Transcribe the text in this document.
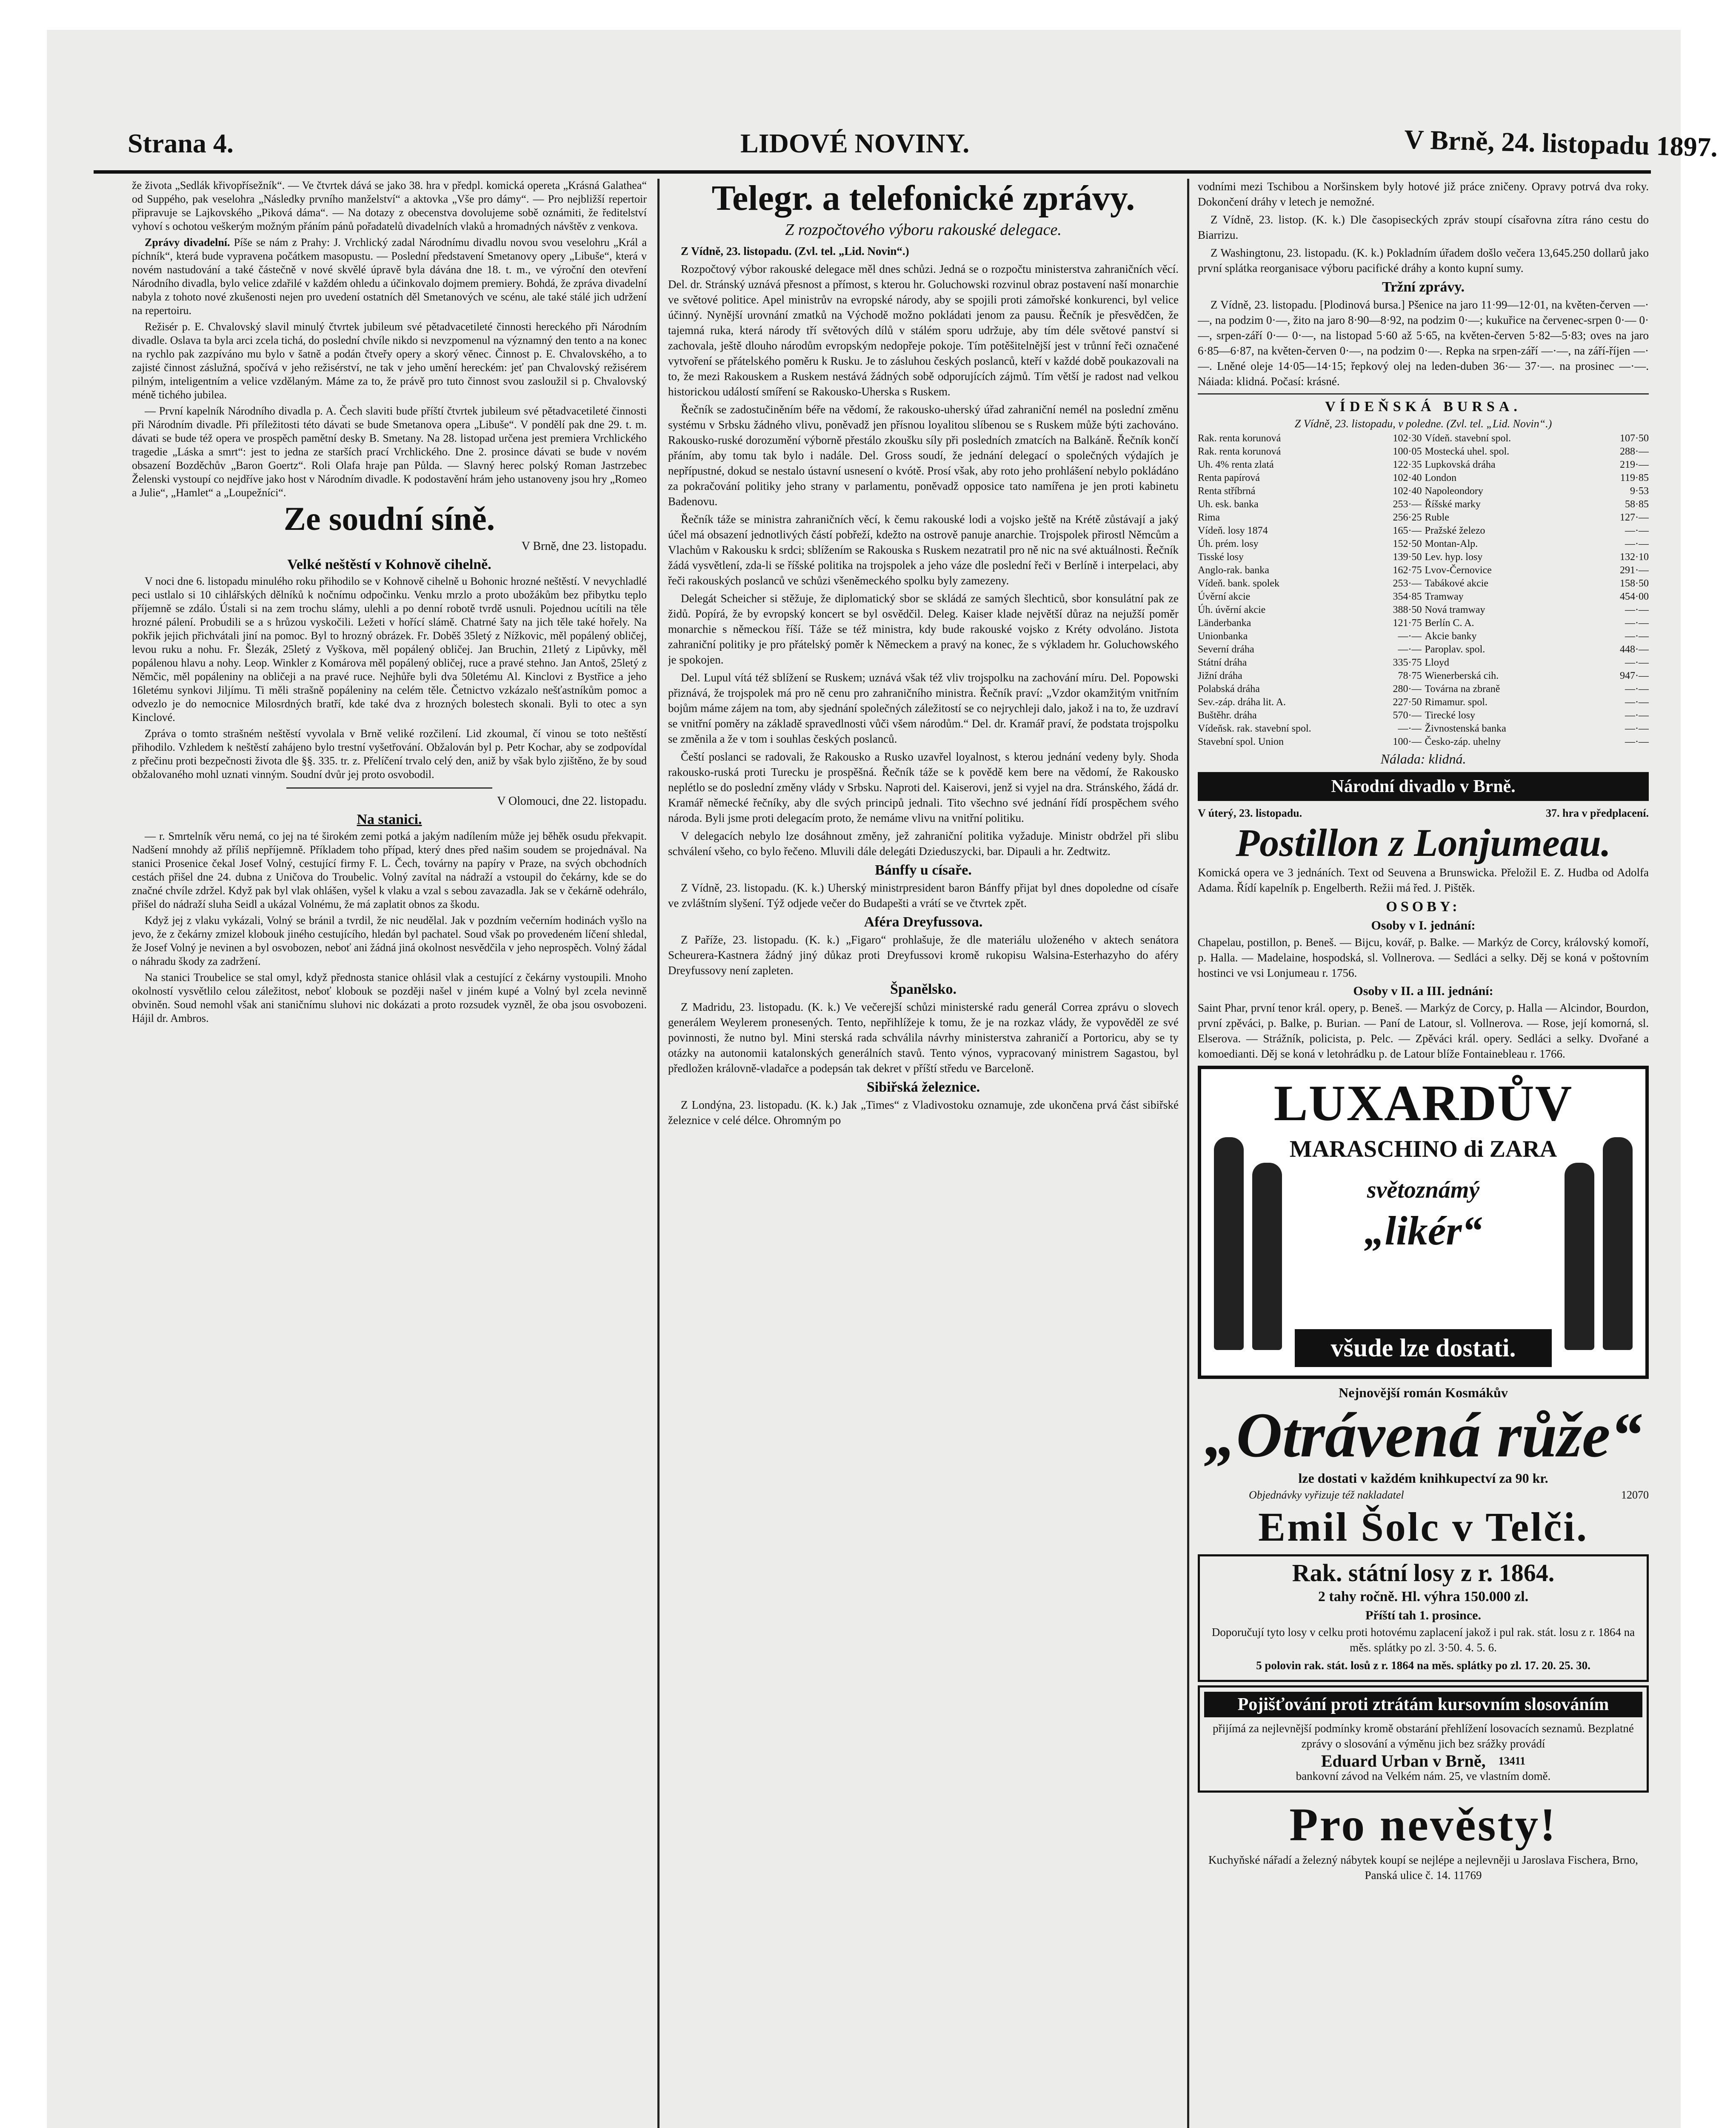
Strana 4.	LIDOVÉ NOVINY.	V Brně, 24. listopadu 1897.

že života „Sedlák křivopřísežník“. — Ve čtvrtek dává se jako 38. hra v předpl. komická opereta „Krásná Galathea“ od Suppého, pak veselohra „Následky prvního manželství“ a aktovka „Vše pro dámy“. — Pro nejbližší repertoir připravuje se Lajkovského „Piková dáma“. — Na dotazy z obecenstva dovolujeme sobě oznámiti, že ředitelství vyhoví s ochotou veškerým možným přáním pánů pořadatelů divadelních vlaků a hromadných návštěv z venkova.

Zprávy divadelní. Píše se nám z Prahy: J. Vrchlický zadal Národnímu divadlu novou svou veselohru „Král a píchník“, která bude vypravena počátkem masopustu. — Poslední představení Smetanovy opery „Libuše“, která v novém nastudování a také částečně v nové skvělé úpravě byla dávána dne 18. t. m., ve výroční den otevření Národního divadla, bylo velice zdařilé v každém ohledu a účinkovalo dojmem premiery. Bohdá, že zpráva divadelní nabyla z tohoto nové zkušenosti nejen pro uvedení ostatních děl Smetanových ve scénu, ale také stálé jich udržení na repertoiru.

Režisér p. E. Chvalovský slavil minulý čtvrtek jubileum své pětadvacetileté činnosti hereckého při Národním divadle. Oslava ta byla arci zcela tichá, do poslední chvíle nikdo si nevzpomenul na významný den tento a na konec na rychlo pak zazpíváno mu bylo v šatně a podán čtveřy opery a skorý věnec. Činnost p. E. Chvalovského, a to zajisté činnost záslužná, spočívá v jeho režisérství, ne tak v jeho umění hereckém: jeť pan Chvalovský režisérem pilným, inteligentním a velice vzdělaným. Máme za to, že právě pro tuto činnost svou zasloužil si p. Chvalovský méně tichého jubilea.

— První kapelník Národního divadla p. A. Čech slaviti bude příští čtvrtek jubileum své pětadvacetileté činnosti při Národním divadle. Při příležitosti této dávati se bude Smetanova opera „Libuše“. V pondělí pak dne 29. t. m. dávati se bude též opera ve prospěch pamětní desky B. Smetany. Na 28. listopad určena jest premiera Vrchlického tragedie „Láska a smrt“: jest to jedna ze starších prací Vrchlického. Dne 2. prosince dávati se bude v novém obsazení Bozděchův „Baron Goertz“. Roli Olafa hraje pan Půlda. — Slavný herec polský Roman Jastrzebec Želenski vystoupí co nejdříve jako host v Národním divadle. K podostavění hrám jeho ustanoveny jsou hry „Romeo a Julie“, „Hamlet“ a „Loupežníci“.

Ze soudní síně.
V Brně, dne 23. listopadu.
Velké neštěstí v Kohnově cihelně.

V noci dne 6. listopadu minulého roku přihodilo se v Kohnově cihelně u Bohonic hrozné neštěstí. V nevychladlé peci ustlalo si 10 cihlářských dělníků k nočnímu odpočinku. Venku mrzlo a proto ubožákům bez přibytku teplo příjemně se zdálo. Ústali si na zem trochu slámy, ulehli a po denní robotě tvrdě usnuli. Pojednou ucítili na těle hrozné pálení. Probudili se a s hrůzou vyskočili. Ležeti v hořící slámě. Chatrné šaty na jich těle také hořely. Na pokřik jejich přichvátali jiní na pomoc. Byl to hrozný obrázek. Fr. Doběš 35letý z Nížkovic, měl popálený obličej, levou ruku a nohu. Fr. Šlezák, 25letý z Vyškova, měl popálený obličej. Jan Bruchin, 21letý z Lipůvky, měl popálenou hlavu a nohy. Leop. Winkler z Komárova měl popálený obličej, ruce a pravé stehno. Jan Antoš, 25letý z Němčic, měl popáleniny na obličeji a na pravé ruce. Nejhůře byli dva 50letému Al. Kinclovi z Bystřice a jeho 16letému synkovi Jiljímu. Ti měli strašně popáleniny na celém těle. Četnictvo vzkázalo nešťastníkům pomoc a odvezlo je do nemocnice Milosrdných bratří, kde také dva z hrozných bolestech skonali. Byli to otec a syn Kinclové.

Zpráva o tomto strašném neštěstí vyvolala v Brně veliké rozčilení. Lid zkoumal, čí vinou se toto neštěstí přihodilo. Vzhledem k neštěstí zahájeno bylo trestní vyšetřování. Obžalován byl p. Petr Kochar, aby se zodpovídal z přečinu proti bezpečnosti života dle §§. 335. tr. z. Přelíčení trvalo celý den, aniž by však bylo zjištěno, že by soud obžalovaného mohl uznati vinným. Soudní dvůr jej proto osvobodil.

V Olomouci, dne 22. listopadu.
Na stanici.

— r. Smrtelník věru nemá, co jej na té širokém zemi potká a jakým nadílením může jej běhěk osudu překvapit. Nadšení mnohdy až příliš nepříjemně. Příkladem toho případ, který dnes před našim soudem se projednával. Na stanici Prosenice čekal Josef Volný, cestující firmy F. L. Čech, továrny na papíry v Praze, na svých obchodních cestách přišel dne 24. dubna z Uničova do Troubelic. Volný zavítal na nádraží a vstoupil do čekárny, kde se do značné chvíle zdržel. Když pak byl vlak ohlášen, vyšel k vlaku a vzal s sebou zavazadla. Jak se v čekárně odehrálo, přišel do nádraží sluha Seidl a ukázal Volnému, že má zaplatit obnos za škodu.

Když jej z vlaku vykázali, Volný se bránil a tvrdil, že nic neudělal. Jak v pozdním večerním hodinách vyšlo na jevo, že z čekárny zmizel klobouk jiného cestujícího, hledán byl pachatel. Soud však po provedeném líčení shledal, že Josef Volný je nevinen a byl osvobozen, neboť ani žádná jiná okolnost nesvědčila v jeho neprospěch. Volný žádal o náhradu škody za zadržení.

Na stanici Troubelice se stal omyl, když přednosta stanice ohlásil vlak a cestující z čekárny vystoupili. Mnoho okolností vysvětlilo celou záležitost, neboť klobouk se později našel v jiném kupé a Volný byl zcela nevinně obviněn. Soud nemohl však ani staničnímu sluhovi nic dokázati a proto rozsudek vyzněl, že oba jsou osvobozeni. Hájil dr. Ambros.

Telegr. a telefonické zprávy.
Z rozpočtového výboru rakouské delegace.

Z Vídně, 23. listopadu. (Zvl. tel. „Lid. Novin“.)

Rozpočtový výbor rakouské delegace měl dnes schůzi. Jedná se o rozpočtu ministerstva zahraničních věcí. Del. dr. Stránský uznává přesnost a přímost, s kterou hr. Goluchowski rozvinul obraz postavení naší monarchie ve světové politice. Apel ministrův na evropské národy, aby se spojili proti zámořské konkurenci, byl velice účinný. Nynější urovnání zmatků na Východě možno pokládati jenom za pausu. Řečník je přesvědčen, že tajemná ruka, která národy tří světových dílů v stálém sporu udržuje, aby tím déle světové panství si zachovala, ještě dlouho národům evropským nedopřeje pokoje. Tím potěšitelnější jest v trůnní řeči označené vytvoření se přátelského poměru k Rusku. Je to zásluhou českých poslanců, kteří v každé době poukazovali na to, že mezi Rakouskem a Ruskem nestává žádných sobě odporujících zájmů. Tím větší je radost nad velkou historickou událostí smíření se Rakousko-Uherska s Ruskem.

Řečník se zadostučiněním béře na vědomí, že rakousko-uherský úřad zahraniční nemél na poslední změnu systému v Srbsku žádného vlivu, poněvadž jen přísnou loyalitou slíbenou se s Ruskem může býti zachováno. Rakousko-ruské dorozumění výborně přestálo zkoušku síly při posledních zmatcích na Balkáně. Řečník končí přáním, aby tomu tak bylo i nadále. Del. Gross soudí, že jednání delegací o společných výdajích je nepřípustné, dokud se nestalo ústavní usnesení o kvótě. Prosí však, aby roto jeho prohlášení nebylo pokládáno za pokračování politiky jeho strany v parlamentu, poněvadž opposice tato namířena je jen proti kabinetu Badenovu.

Řečník táže se ministra zahraničních věcí, k čemu rakouské lodi a vojsko ještě na Krétě zůstávají a jaký účel má obsazení jednotlivých částí pobřeží, kdežto na ostrově panuje anarchie. Trojspolek přirostl Němcům a Vlachům v Rakousku k srdci; sblížením se Rakouska s Ruskem nezatratil pro ně nic na své aktuálnosti. Řečník žádá vysvětlení, zda-li se říšské politika na trojspolek a jeho váze dle poslední řeči v Berlíně i interpelaci, aby řeči rakouských poslanců ve schůzi všeněmeckého spolku byly zamezeny.

Delegát Scheicher si stěžuje, že diplomatický sbor se skládá ze samých šlechticů, sbor konsulátní pak ze židů. Popírá, že by evropský koncert se byl osvědčil. Deleg. Kaiser klade největší důraz na nejužší poměr monarchie s německou říší. Táže se též ministra, kdy bude rakouské vojsko z Kréty odvoláno. Jistota zahraniční politiky je pro přátelský poměr k Německem a pravý na konec, že s výkladem hr. Goluchowského je spokojen.

Del. Lupul vítá též sblížení se Ruskem; uznává však též vliv trojspolku na zachování míru. Del. Popowski přiznává, že trojspolek má pro ně cenu pro zahraničního ministra. Řečník praví: „Vzdor okamžitým vnitřním bojům máme zájem na tom, aby sjednání společných záležitostí se co nejrychleji dalo, jakož i na to, že uzdraví se vnitřní poměry na základě spravedlnosti vůči všem národům.“ Del. dr. Kramář praví, že podstata trojspolku se změnila a že v tom i souhlas českých poslanců.

Čeští poslanci se radovali, že Rakousko a Rusko uzavřel loyalnost, s kterou jednání vedeny byly. Shoda rakousko-ruská proti Turecku je prospěšná. Řečník táže se k povědě kem bere na vědomí, že Rakousko neplétlo se do poslední změny vlády v Srbsku. Naproti del. Kaiserovi, jenž si vyjel na dra. Stránského, žádá dr. Kramář německé řečníky, aby dle svých principů jednali. Tito všechno své jednání řídí prospěchem svého národa. Byli jsme proti delegacím proto, že nemáme vlivu na vnitřní politiku.

V delegacích nebylo lze dosáhnout změny, jež zahraniční politika vyžaduje. Ministr obdržel při slibu schválení všeho, co bylo řečeno. Mluvili dále delegáti Dzieduszycki, bar. Dipauli a hr. Zedtwitz.

Bánffy u císaře.

Z Vídně, 23. listopadu. (K. k.) Uherský ministrpresident baron Bánffy přijat byl dnes dopoledne od císaře ve zvláštním slyšení. Týž odjede večer do Budapešti a vrátí se ve čtvrtek zpět.

Aféra Dreyfussova.

Z Paříže, 23. listopadu. (K. k.) „Figaro“ prohlašuje, že dle materiálu uloženého v aktech senátora Scheurera-Kastnera žádný jiný důkaz proti Dreyfussovi kromě rukopisu Walsina-Esterhazyho do aféry Dreyfussovy není zapleten.

Španělsko.

Z Madridu, 23. listopadu. (K. k.) Ve večerejší schůzi ministerské radu generál Correa zprávu o slovech generálem Weylerem pronesených. Tento, nepřihlížeje k tomu, že je na rozkaz vlády, že vypověděl ze své povinnosti, že nutno byl. Mini sterská rada schválila návrhy ministerstva zahraničí a Portoricu, aby se ty otázky na autonomii katalonských generálních stavů. Tento výnos, vypracovaný ministrem Sagastou, byl předložen královně-vladařce a podepsán tak dekret v příští středu ve Barceloně.

Sibiřská železnice.

Z Londýna, 23. listopadu. (K. k.) Jak „Times“ z Vladivostoku oznamuje, zde ukončena prvá část sibiřské železnice v celé délce. Ohromným po

vodními mezi Tschibou a Noršinskem byly hotové již práce zničeny. Opravy potrvá dva roky. Dokončení dráhy v letech je nemožné.

Z Vídně, 23. listop. (K. k.) Dle časopiseckých zpráv stoupí císařovna zítra ráno cestu do Biarrizu.

Z Washingtonu, 23. listopadu. (K. k.) Pokladním úřadem došlo večera 13,645.250 dollarů jako první splátka reorganisace výboru pacifické dráhy a konto kupní sumy.

Tržní zprávy.

Z Vídně, 23. listopadu. [Plodinová bursa.] Pšenice na jaro 11·99—12·01, na květen-červen —·—, na podzim 0·—, žito na jaro 8·90—8·92, na podzim 0·—; kukuřice na červenec-srpen 0·— 0·—, srpen-září 0·— 0·—, na listopad 5·60 až 5·65, na květen-červen 5·82—5·83; oves na jaro 6·85—6·87, na květen-červen 0·—, na podzim 0·—. Repka na srpen-září —·—, na září-říjen —·—. Lněné oleje 14·05—14·15; řepkový olej na leden-duben 36·— 37·—. na prosinec —·—. Náiada: klidná. Počasí: krásné.

VÍDEŇSKÁ BURSA.
Z Vídně, 23. listopadu, v poledne. (Zvl. tel. „Lid. Novin“.)
Rak. renta korunová	102·30 Vídeň. stavební spol.	107·50
Rak. renta korunová	100·05 Mostecká uhel. spol.	288·—
Uh. 4% renta zlatá	122·35 Lupkovská dráha	219·—
Renta papírová	102·40 London	119·85
Renta stříbrná	102·40 Napoleondory	9·53
Uh. esk. banka	253·— Říšské marky	58·85
Rima	256·25 Ruble	127·—
Vídeň. losy 1874	165·— Pražské železo	—·—
Úh. prém. losy	152·50 Montan-Alp.	—·—
Tisské losy	139·50 Lev. hyp. losy	132·10
Anglo-rak. banka	162·75 Lvov-Černovice	291·—
Vídeň. bank. spolek	253·— Tabákové akcie	158·50
Úvěrní akcie	354·85 Tramway	454·00
Úh. úvěrní akcie	388·50 Nová tramway	—·—
Länderbanka	121·75 Berlín C. A.	—·—
Unionbanka	—·— Akcie banky	—·—
Severní dráha	—·— Paroplav. spol.	448·—
Státní dráha	335·75 Lloyd	—·—
Jižní dráha	78·75 Wienerberská cih.	947·—
Polabská dráha	280·— Továrna na zbraně	—·—
Sev.-záp. dráha lit. A.	227·50 Rimamur. spol.	—·—
Buštěhr. dráha	570·— Tirecké losy	—·—
Vídeňsk. rak. stavební spol.	—·— Živnostenská banka	—·—
Stavební spol. Union	100·— Česko-záp. uhelny	—·—
Nálada: klidná.
Národní divadlo v Brně.
V úterý, 23. listopadu.	37. hra v předplacení.
Postillon z Lonjumeau.

Komická opera ve 3 jednáních. Text od Seuvena a Brunswicka. Přeložil E. Z. Hudba od Adolfa Adama. Řídí kapelník p. Engelberth. Režii má řed. J. Pištěk.

OSOBY:
Osoby v I. jednání:

Chapelau, postillon, p. Beneš. — Bijcu, kovář, p. Balke. — Markýz de Corcy, královský komoří, p. Halla. — Madelaine, hospodská, sl. Vollnerova. — Sedláci a selky. Děj se koná v poštovním hostinci ve vsi Lonjumeau r. 1756.

Osoby v II. a III. jednání:

Saint Phar, první tenor král. opery, p. Beneš. — Markýz de Corcy, p. Halla — Alcindor, Bourdon, první zpěváci, p. Balke, p. Burian. — Paní de Latour, sl. Vollnerova. — Rose, její komorná, sl. Elserova. — Strážník, policista, p. Pelc. — Zpěváci král. opery. Sedláci a selky. Dvořané a komoedianti. Děj se koná v letohrádku p. de Latour blíže Fontainebleau r. 1766.

LUXARDŮV
MARASCHINO di ZARA
světoznámý
„likér“
všude lze dostati.
Nejnovější román Kosmákův
„Otrávená růže“
lze dostati v každém knihkupectví za 90 kr.
Objednávky vyřizuje též nakladatel	12070
Emil Šolc v Telči.
Rak. státní losy z r. 1864.
2 tahy ročně. Hl. výhra 150.000 zl.
Příští tah 1. prosince.

Doporučují tyto losy v celku proti hotovému zaplacení jakož i pul rak. stát. losu z r. 1864 na měs. splátky po zl. 3·50. 4. 5. 6.

5 polovin rak. stát. losů z r. 1864 na měs. splátky po zl. 17. 20. 25. 30.

Pojišťování proti ztrátám kursovním slosováním

přijímá za nejlevnější podmínky kromě obstarání přehlížení losovacích seznamů. Bezplatné zprávy o slosování a výměnu jich bez srážky provádí

Eduard Urban v Brně, 13411

bankovní závod na Velkém nám. 25, ve vlastním domě.

Pro nevěsty!

Kuchyňské nářadí a železný nábytek koupí se nejlépe a nejlevněji u Jaroslava Fischera, Brno, Panská ulice č. 14. 11769
